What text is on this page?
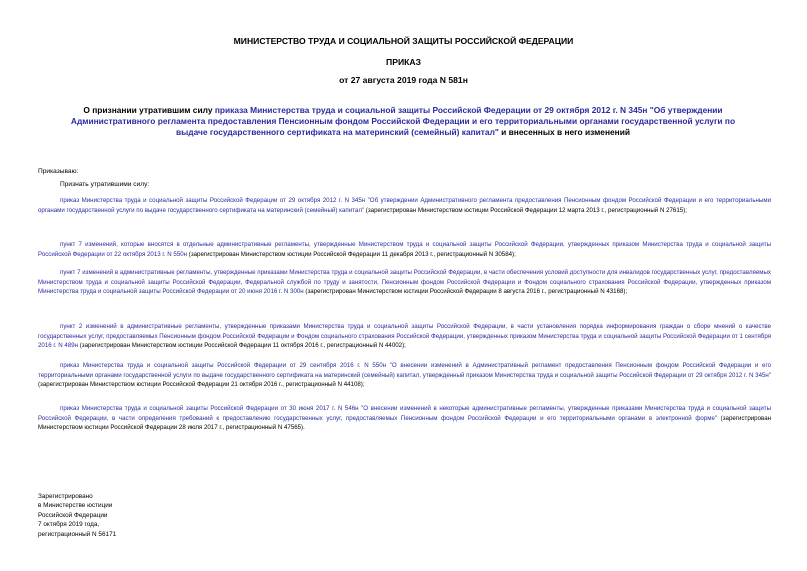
МИНИСТЕРСТВО ТРУДА И СОЦИАЛЬНОЙ ЗАЩИТЫ РОССИЙСКОЙ ФЕДЕРАЦИИ
ПРИКАЗ
от 27 августа 2019 года N 581н
О признании утратившим силу приказа Министерства труда и социальной защиты Российской Федерации от 29 октября 2012 г. N 345н "Об утверждении Административного регламента предоставления Пенсионным фондом Российской Федерации и его территориальными органами государственной услуги по выдаче государственного сертификата на материнский (семейный) капитал" и внесенных в него изменений
Приказываю:
Признать утратившими силу:
приказ Министерства труда и социальной защиты Российской Федерации от 29 октября 2012 г. N 345н "Об утверждении Административного регламента предоставления Пенсионным фондом Российской Федерации и его территориальными органами государственной услуги по выдаче государственного сертификата на материнский (семейный) капитал" (зарегистрирован Министерством юстиции Российской Федерации 12 марта 2013 г., регистрационный N 27615);
пункт 7 изменений, которые вносятся в отдельные административные регламенты, утвержденные Министерством труда и социальной защиты Российской Федерации, утвержденных приказом Министерства труда и социальной защиты Российской Федерации от 22 октября 2013 г. N 550н (зарегистрирован Министерством юстиции Российской Федерации 11 декабря 2013 г., регистрационный N 30584);
пункт 7 изменений в административные регламенты, утвержденные приказами Министерства труда и социальной защиты Российской Федерации, в части обеспечения условий доступности для инвалидов государственных услуг, предоставляемых Министерством труда и социальной защиты Российской Федерации, Федеральной службой по труду и занятости, Пенсионным фондом Российской Федерации и Фондом социального страхования Российской Федерации, утвержденных приказом Министерства труда и социальной защиты Российской Федерации от 20 июня 2016 г. N 300н (зарегистрирован Министерством юстиции Российской Федерации 8 августа 2016 г., регистрационный N 43168);
пункт 2 изменений в административные регламенты, утвержденные приказами Министерства труда и социальной защиты Российской Федерации, в части установления порядка информирования граждан о сборе мнений о качестве государственных услуг, предоставляемых Пенсионным фондом Российской Федерации и Фондом социального страхования Российской Федерации, утвержденных приказом Министерства труда и социальной защиты Российской Федерации от 1 сентября 2016 г. N 489н (зарегистрирован Министерством юстиции Российской Федерации 11 октября 2016 г., регистрационный N 44002);
приказ Министерства труда и социальной защиты Российской Федерации от 29 сентября 2016 г. N 550н "О внесении изменений в Административный регламент предоставления Пенсионным фондом Российской Федерации и его территориальными органами государственной услуги по выдаче государственного сертификата на материнский (семейный) капитал, утвержденный приказом Министерства труда и социальной защиты Российской Федерации от 29 октября 2012 г. N 345н" (зарегистрирован Министерством юстиции Российской Федерации 21 октября 2016 г., регистрационный N 44108);
приказ Министерства труда и социальной защиты Российской Федерации от 30 июня 2017 г. N 546н "О внесении изменений в некоторые административные регламенты, утвержденные приказами Министерства труда и социальной защиты Российской Федерации, в части определения требований к предоставлению государственных услуг, предоставляемых Пенсионным фондом Российской Федерации и его территориальными органами в электронной форме" (зарегистрирован Министерством юстиции Российской Федерации 28 июля 2017 г., регистрационный N 47565).
Зарегистрировано
в Министерстве юстиции
Российской Федерации
7 октября 2019 года,
регистрационный N 56171
